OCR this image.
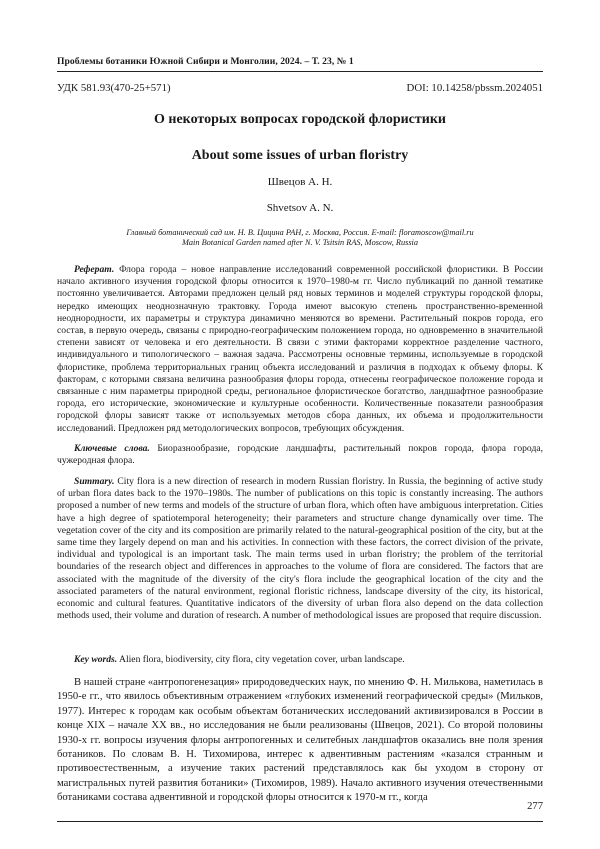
Проблемы ботаники Южной Сибири и Монголии, 2024. – Т. 23, № 1
УДК 581.93(470-25+571)	DOI: 10.14258/pbssm.2024051
О некоторых вопросах городской флористики
About some issues of urban floristry
Швецов А. Н.
Shvetsov A. N.
Главный ботанический сад им. Н. В. Цицина РАН, г. Москва, Россия. E-mail: floramoscow@mail.ru
Main Botanical Garden named after N. V. Tsitsin RAS, Moscow, Russia
Реферат. Флора города – новое направление исследований современной российской флористики. В России начало активного изучения городской флоры относится к 1970–1980-м гг. Число публикаций по данной тематике постоянно увеличивается. Авторами предложен целый ряд новых терминов и моделей структуры городской флоры, нередко имеющих неоднозначную трактовку. Города имеют высокую степень пространственно-временной неоднородности, их параметры и структура динамично меняются во времени. Растительный покров города, его состав, в первую очередь, связаны с природно-географическим положением города, но одновременно в значительной степени зависят от человека и его деятельности. В связи с этими факторами корректное разделение частного, индивидуального и типологического – важная задача. Рассмотрены основные термины, используемые в городской флористике, проблема территориальных границ объекта исследований и различия в подходах к объему флоры. К факторам, с которыми связана величина разнообразия флоры города, отнесены географическое положение города и связанные с ним параметры природной среды, региональное флористическое богатство, ландшафтное разнообразие города, его исторические, экономические и культурные особенности. Количественные показатели разнообразия городской флоры зависят также от используемых методов сбора данных, их объема и продолжительности исследований. Предложен ряд методологических вопросов, требующих обсуждения.
Ключевые слова. Биоразнообразие, городские ландшафты, растительный покров города, флора города, чужеродная флора.
Summary. City flora is a new direction of research in modern Russian floristry. In Russia, the beginning of active study of urban flora dates back to the 1970–1980s. The number of publications on this topic is constantly increasing. The authors proposed a number of new terms and models of the structure of urban flora, which often have ambiguous interpretation. Cities have a high degree of spatiotemporal heterogeneity; their parameters and structure change dynamically over time. The vegetation cover of the city and its composition are primarily related to the natural-geographical position of the city, but at the same time they largely depend on man and his activities. In connection with these factors, the correct division of the private, individual and typological is an important task. The main terms used in urban floristry; the problem of the territorial boundaries of the research object and differences in approaches to the volume of flora are considered. The factors that are associated with the magnitude of the diversity of the city's flora include the geographical location of the city and the associated parameters of the natural environment, regional floristic richness, landscape diversity of the city, its historical, economic and cultural features. Quantitative indicators of the diversity of urban flora also depend on the data collection methods used, their volume and duration of research. A number of methodological issues are proposed that require discussion.
Key words. Alien flora, biodiversity, city flora, city vegetation cover, urban landscape.
В нашей стране «антропогенезация» природоведческих наук, по мнению Ф. Н. Милькова, наметилась в 1950-е гг., что явилось объективным отражением «глубоких изменений географической среды» (Мильков, 1977). Интерес к городам как особым объектам ботанических исследований активизировался в России в конце XIX – начале XX вв., но исследования не были реализованы (Швецов, 2021). Со второй половины 1930-х гг. вопросы изучения флоры антропогенных и селитебных ландшафтов оказались вне поля зрения ботаников. По словам В. Н. Тихомирова, интерес к адвентивным растениям «казался странным и противоестественным, а изучение таких растений представлялось как бы уходом в сторону от магистральных путей развития ботаники» (Тихомиров, 1989). Начало активного изучения отечественными ботаниками состава адвентивной и городской флоры относится к 1970-м гг., когда
277
